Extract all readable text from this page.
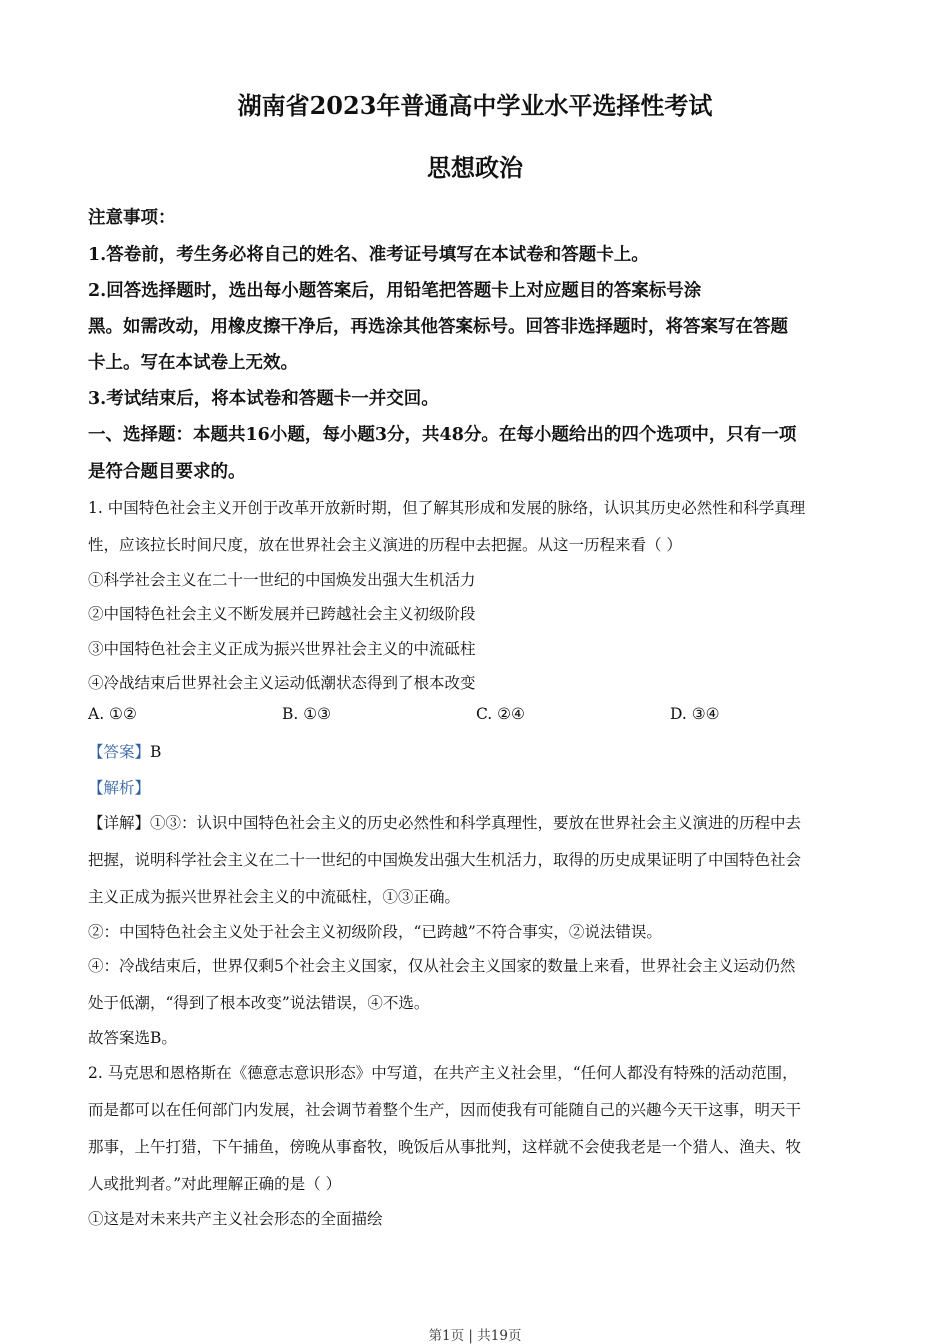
湖南省2023年普通高中学业水平选择性考试
思想政治
注意事项：
1.答卷前，考生务必将自己的姓名、准考证号填写在本试卷和答题卡上。
2.回答选择题时，选出每小题答案后，用铅笔把答题卡上对应题目的答案标号涂
黑。如需改动，用橡皮擦干净后，再选涂其他答案标号。回答非选择题时，将答案写在答题
卡上。写在本试卷上无效。
3.考试结束后，将本试卷和答题卡一并交回。
一、选择题：本题共16小题，每小题3分，共48分。在每小题给出的四个选项中，只有一项
是符合题目要求的。
1. 中国特色社会主义开创于改革开放新时期，但了解其形成和发展的脉络，认识其历史必然性和科学真理
性，应该拉长时间尺度，放在世界社会主义演进的历程中去把握。从这一历程来看（ ）
①科学社会主义在二十一世纪的中国焕发出强大生机活力
②中国特色社会主义不断发展并已跨越社会主义初级阶段
③中国特色社会主义正成为振兴世界社会主义的中流砥柱
④冷战结束后世界社会主义运动低潮状态得到了根本改变
A. ①②	B. ①③	C. ②④	D. ③④
【答案】B
【解析】
【详解】①③：认识中国特色社会主义的历史必然性和科学真理性，要放在世界社会主义演进的历程中去
把握，说明科学社会主义在二十一世纪的中国焕发出强大生机活力，取得的历史成果证明了中国特色社会
主义正成为振兴世界社会主义的中流砥柱，①③正确。
②：中国特色社会主义处于社会主义初级阶段，“已跨越”不符合事实，②说法错误。
④：冷战结束后，世界仅剩5个社会主义国家，仅从社会主义国家的数量上来看，世界社会主义运动仍然
处于低潮，“得到了根本改变”说法错误，④不选。
故答案选B。
2. 马克思和恩格斯在《德意志意识形态》中写道，在共产主义社会里，“任何人都没有特殊的活动范围，
而是都可以在任何部门内发展，社会调节着整个生产，因而使我有可能随自己的兴趣今天干这事，明天干
那事，上午打猎，下午捕鱼，傍晚从事畜牧，晚饭后从事批判，这样就不会使我老是一个猎人、渔夫、牧
人或批判者。”对此理解正确的是（ ）
①这是对未来共产主义社会形态的全面描绘
第1页 | 共19页
